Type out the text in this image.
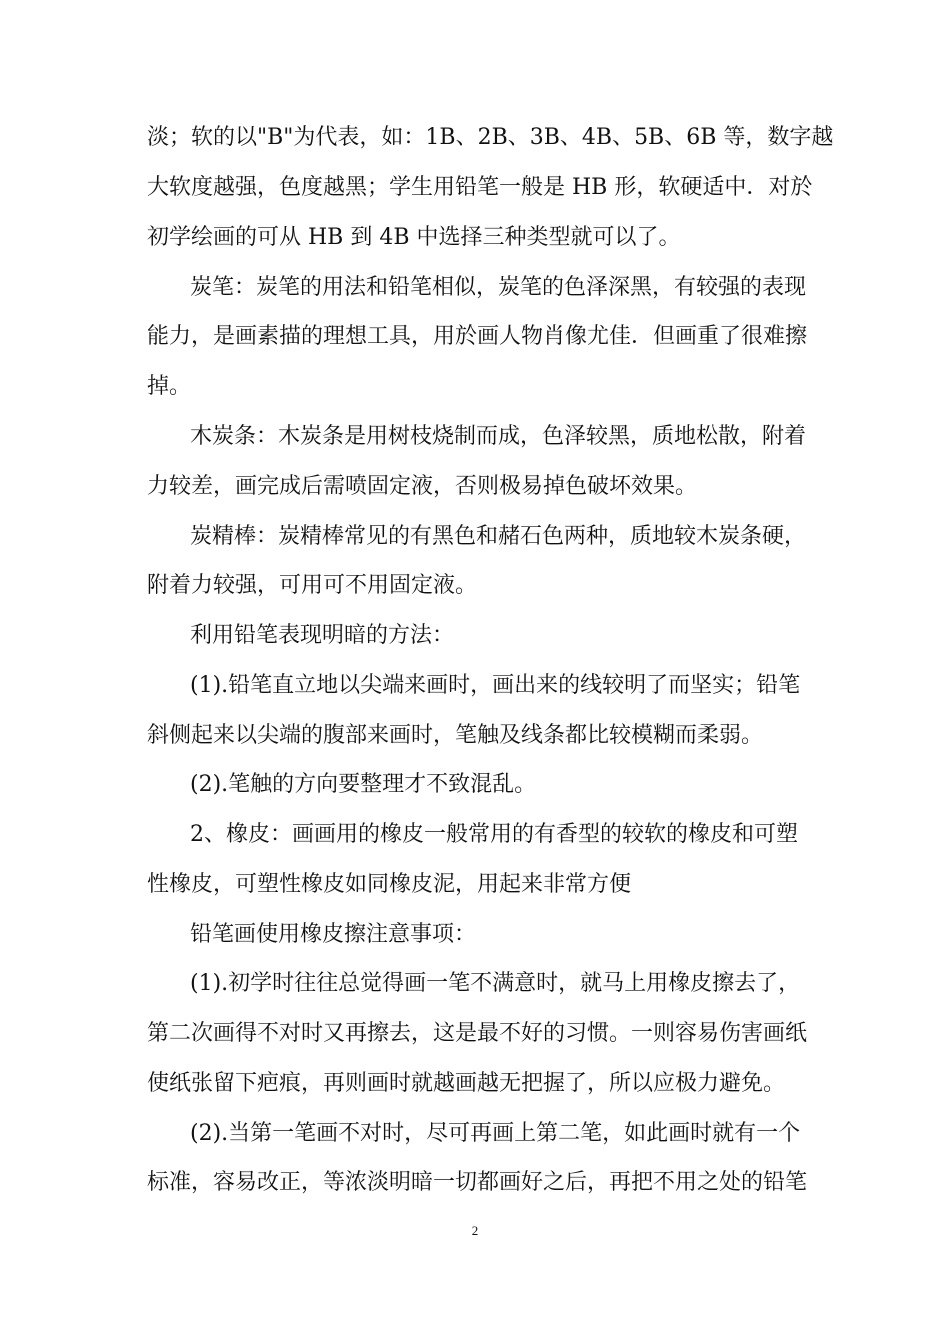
淡；软的以"B"为代表，如：1B、2B、3B、4B、5B、6B 等，数字越
大软度越强，色度越黑；学生用铅笔一般是 HB 形，软硬适中．对於
初学绘画的可从 HB 到 4B 中选择三种类型就可以了。
炭笔：炭笔的用法和铅笔相似，炭笔的色泽深黑，有较强的表现
能力，是画素描的理想工具，用於画人物肖像尤佳．但画重了很难擦
掉。
木炭条：木炭条是用树枝烧制而成，色泽较黑，质地松散，附着
力较差，画完成后需喷固定液，否则极易掉色破坏效果。
炭精棒：炭精棒常见的有黑色和赭石色两种，质地较木炭条硬，
附着力较强，可用可不用固定液。
利用铅笔表现明暗的方法：
(1).铅笔直立地以尖端来画时，画出来的线较明了而坚实；铅笔
斜侧起来以尖端的腹部来画时，笔触及线条都比较模糊而柔弱。
(2).笔触的方向要整理才不致混乱。
2、橡皮：画画用的橡皮一般常用的有香型的较软的橡皮和可塑
性橡皮，可塑性橡皮如同橡皮泥，用起来非常方便
铅笔画使用橡皮擦注意事项：
(1).初学时往往总觉得画一笔不满意时，就马上用橡皮擦去了，
第二次画得不对时又再擦去，这是最不好的习惯。一则容易伤害画纸
使纸张留下疤痕，再则画时就越画越无把握了，所以应极力避免。
(2).当第一笔画不对时，尽可再画上第二笔，如此画时就有一个
标准，容易改正，等浓淡明暗一切都画好之后，再把不用之处的铅笔
2
